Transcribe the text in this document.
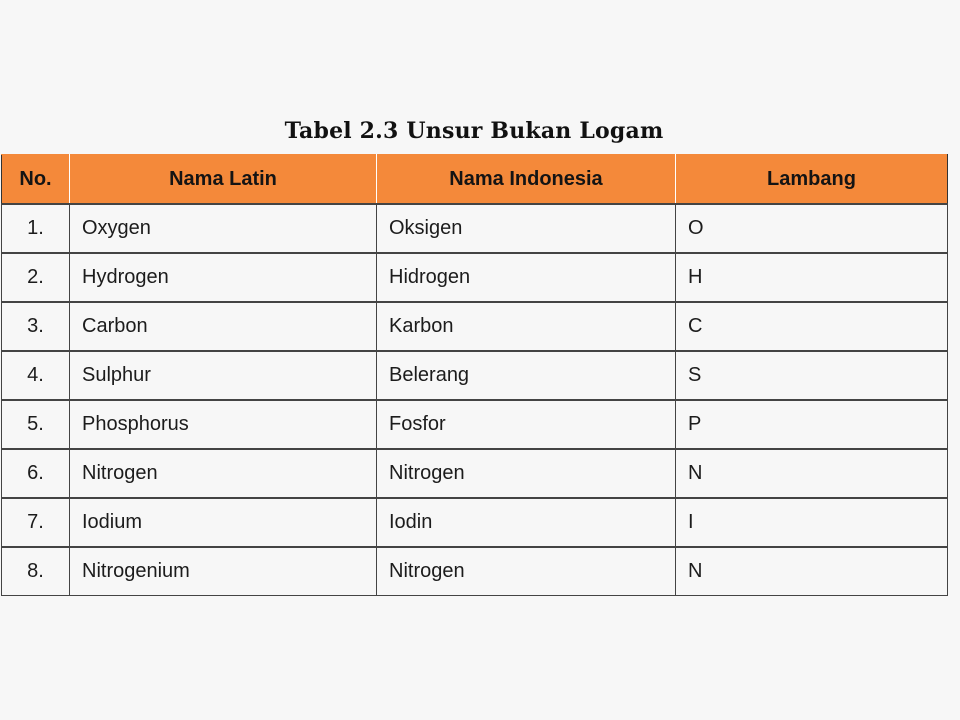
Tabel 2.3 Unsur Bukan Logam
No.	Nama Latin	Nama Indonesia	Lambang
1.	Oxygen	Oksigen	O
2.	Hydrogen	Hidrogen	H
3.	Carbon	Karbon	C
4.	Sulphur	Belerang	S
5.	Phosphorus	Fosfor	P
6.	Nitrogen	Nitrogen	N
7.	Iodium	Iodin	I
8.	Nitrogenium	Nitrogen	N
